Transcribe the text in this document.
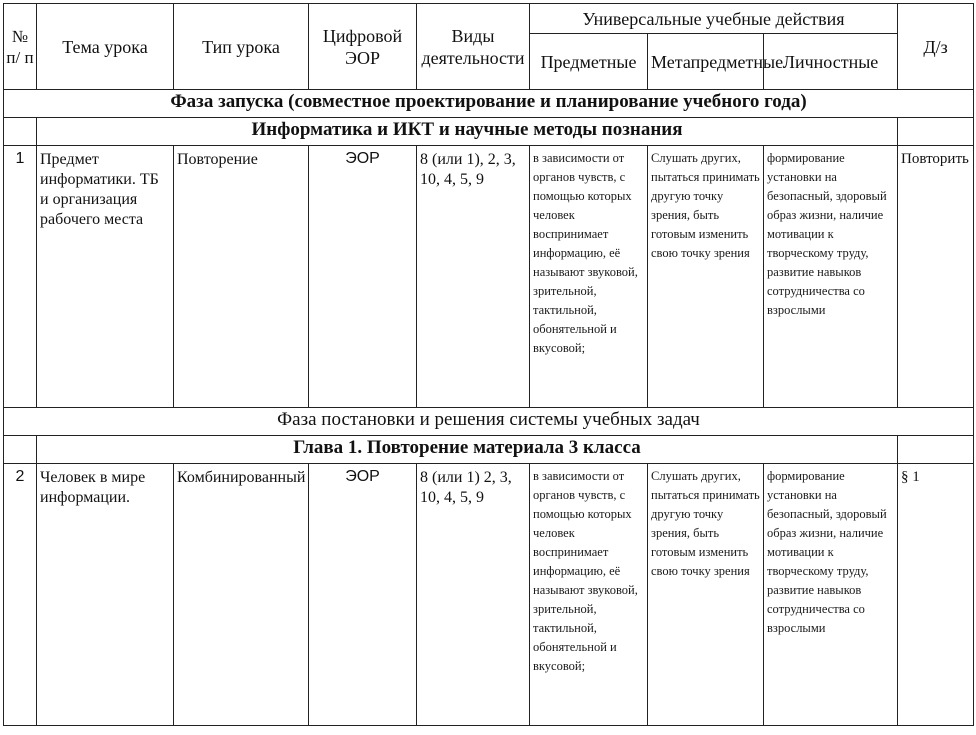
№ п/ п	Тема урока	Тип урока	Цифровой ЭОР	Виды деятельности	Универсальные учебные действия			Д/з
					Предметные	Метапредметные	Личностные	
Фаза запуска (совместное проектирование и планирование учебного года)								
	Информатика и ИКТ и научные методы познания							
1	Предмет информатики. ТБ и организация рабочего места	Повторение	ЭОР	8 (или 1), 2, 3, 10, 4, 5, 9	в зависимости от органов чувств, с помощью которых человек воспринимает информацию, её называют звуковой, зрительной, тактильной, обонятельной и вкусовой;	Слушать других, пытаться принимать другую точку зрения, быть готовым изменить свою точку зрения	формирование установки на безопасный, здоровый образ жизни, наличие мотивации к творческому труду, развитие навыков сотрудничества со взрослыми	Повторить
Фаза постановки и решения системы учебных задач								
	Глава 1. Повторение материала 3 класса							
2	Человек в мире информации.	Комбинированный	ЭОР	8 (или 1) 2, 3, 10, 4, 5, 9	в зависимости от органов чувств, с помощью которых человек воспринимает информацию, её называют звуковой, зрительной, тактильной, обонятельной и вкусовой;	Слушать других, пытаться принимать другую точку зрения, быть готовым изменить свою точку зрения	формирование установки на безопасный, здоровый образ жизни, наличие мотивации к творческому труду, развитие навыков сотрудничества со взрослыми	§ 1
